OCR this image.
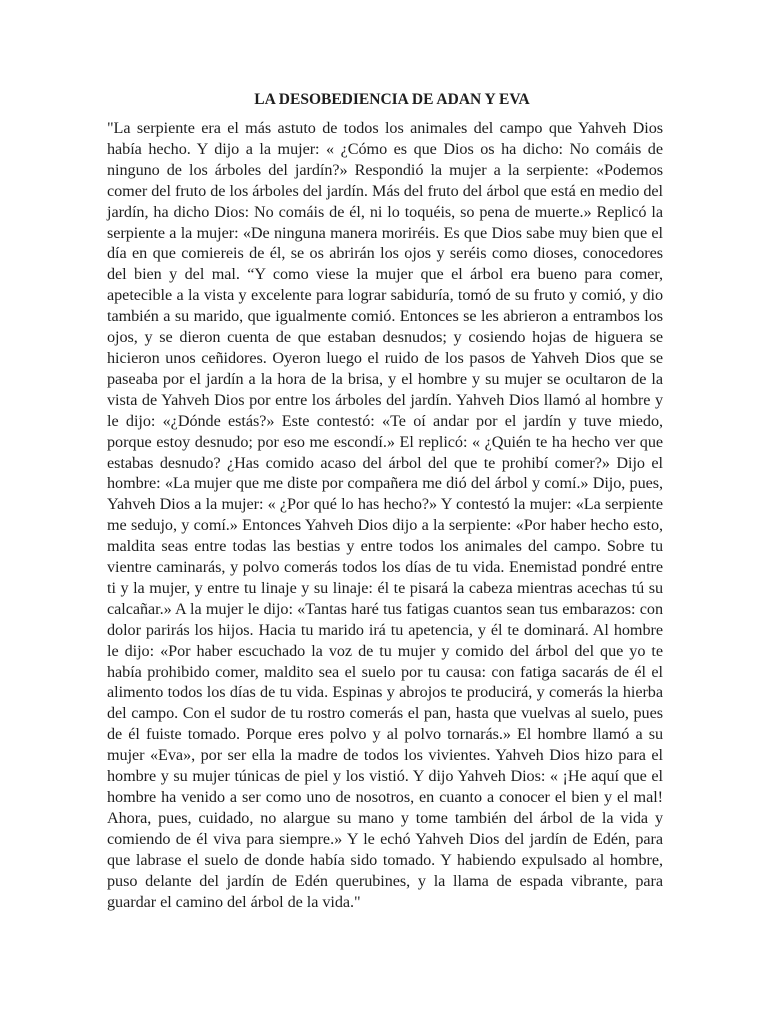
LA DESOBEDIENCIA DE ADAN Y EVA

"La serpiente era el más astuto de todos los animales del campo que Yahveh Dios había hecho. Y dijo a la mujer: « ¿Cómo es que Dios os ha dicho: No comáis de ninguno de los árboles del jardín?» Respondió la mujer a la serpiente: «Podemos comer del fruto de los árboles del jardín. Más del fruto del árbol que está en medio del jardín, ha dicho Dios: No comáis de él, ni lo toquéis, so pena de muerte.» Replicó la serpiente a la mujer: «De ninguna manera moriréis. Es que Dios sabe muy bien que el día en que comiereis de él, se os abrirán los ojos y seréis como dioses, conocedores del bien y del mal. “Y como viese la mujer que el árbol era bueno para comer, apetecible a la vista y excelente para lograr sabiduría, tomó de su fruto y comió, y dio también a su marido, que igualmente comió. Entonces se les abrieron a entrambos los ojos, y se dieron cuenta de que estaban desnudos; y cosiendo hojas de higuera se hicieron unos ceñidores. Oyeron luego el ruido de los pasos de Yahveh Dios que se paseaba por el jardín a la hora de la brisa, y el hombre y su mujer se ocultaron de la vista de Yahveh Dios por entre los árboles del jardín. Yahveh Dios llamó al hombre y le dijo: «¿Dónde estás?» Este contestó: «Te oí andar por el jardín y tuve miedo, porque estoy desnudo; por eso me escondí.» El replicó: « ¿Quién te ha hecho ver que estabas desnudo? ¿Has comido acaso del árbol del que te prohibí comer?» Dijo el hombre: «La mujer que me diste por compañera me dió del árbol y comí.» Dijo, pues, Yahveh Dios a la mujer: « ¿Por qué lo has hecho?» Y contestó la mujer: «La serpiente me sedujo, y comí.» Entonces Yahveh Dios dijo a la serpiente: «Por haber hecho esto, maldita seas entre todas las bestias y entre todos los animales del campo. Sobre tu vientre caminarás, y polvo comerás todos los días de tu vida. Enemistad pondré entre ti y la mujer, y entre tu linaje y su linaje: él te pisará la cabeza mientras acechas tú su calcañar.» A la mujer le dijo: «Tantas haré tus fatigas cuantos sean tus embarazos: con dolor parirás los hijos. Hacia tu marido irá tu apetencia, y él te dominará. Al hombre le dijo: «Por haber escuchado la voz de tu mujer y comido del árbol del que yo te había prohibido comer, maldito sea el suelo por tu causa: con fatiga sacarás de él el alimento todos los días de tu vida. Espinas y abrojos te producirá, y comerás la hierba del campo. Con el sudor de tu rostro comerás el pan, hasta que vuelvas al suelo, pues de él fuiste tomado. Porque eres polvo y al polvo tornarás.» El hombre llamó a su mujer «Eva», por ser ella la madre de todos los vivientes. Yahveh Dios hizo para el hombre y su mujer túnicas de piel y los vistió. Y dijo Yahveh Dios: « ¡He aquí que el hombre ha venido a ser como uno de nosotros, en cuanto a conocer el bien y el mal! Ahora, pues, cuidado, no alargue su mano y tome también del árbol de la vida y comiendo de él viva para siempre.» Y le echó Yahveh Dios del jardín de Edén, para que labrase el suelo de donde había sido tomado. Y habiendo expulsado al hombre, puso delante del jardín de Edén querubines, y la llama de espada vibrante, para guardar el camino del árbol de la vida."
